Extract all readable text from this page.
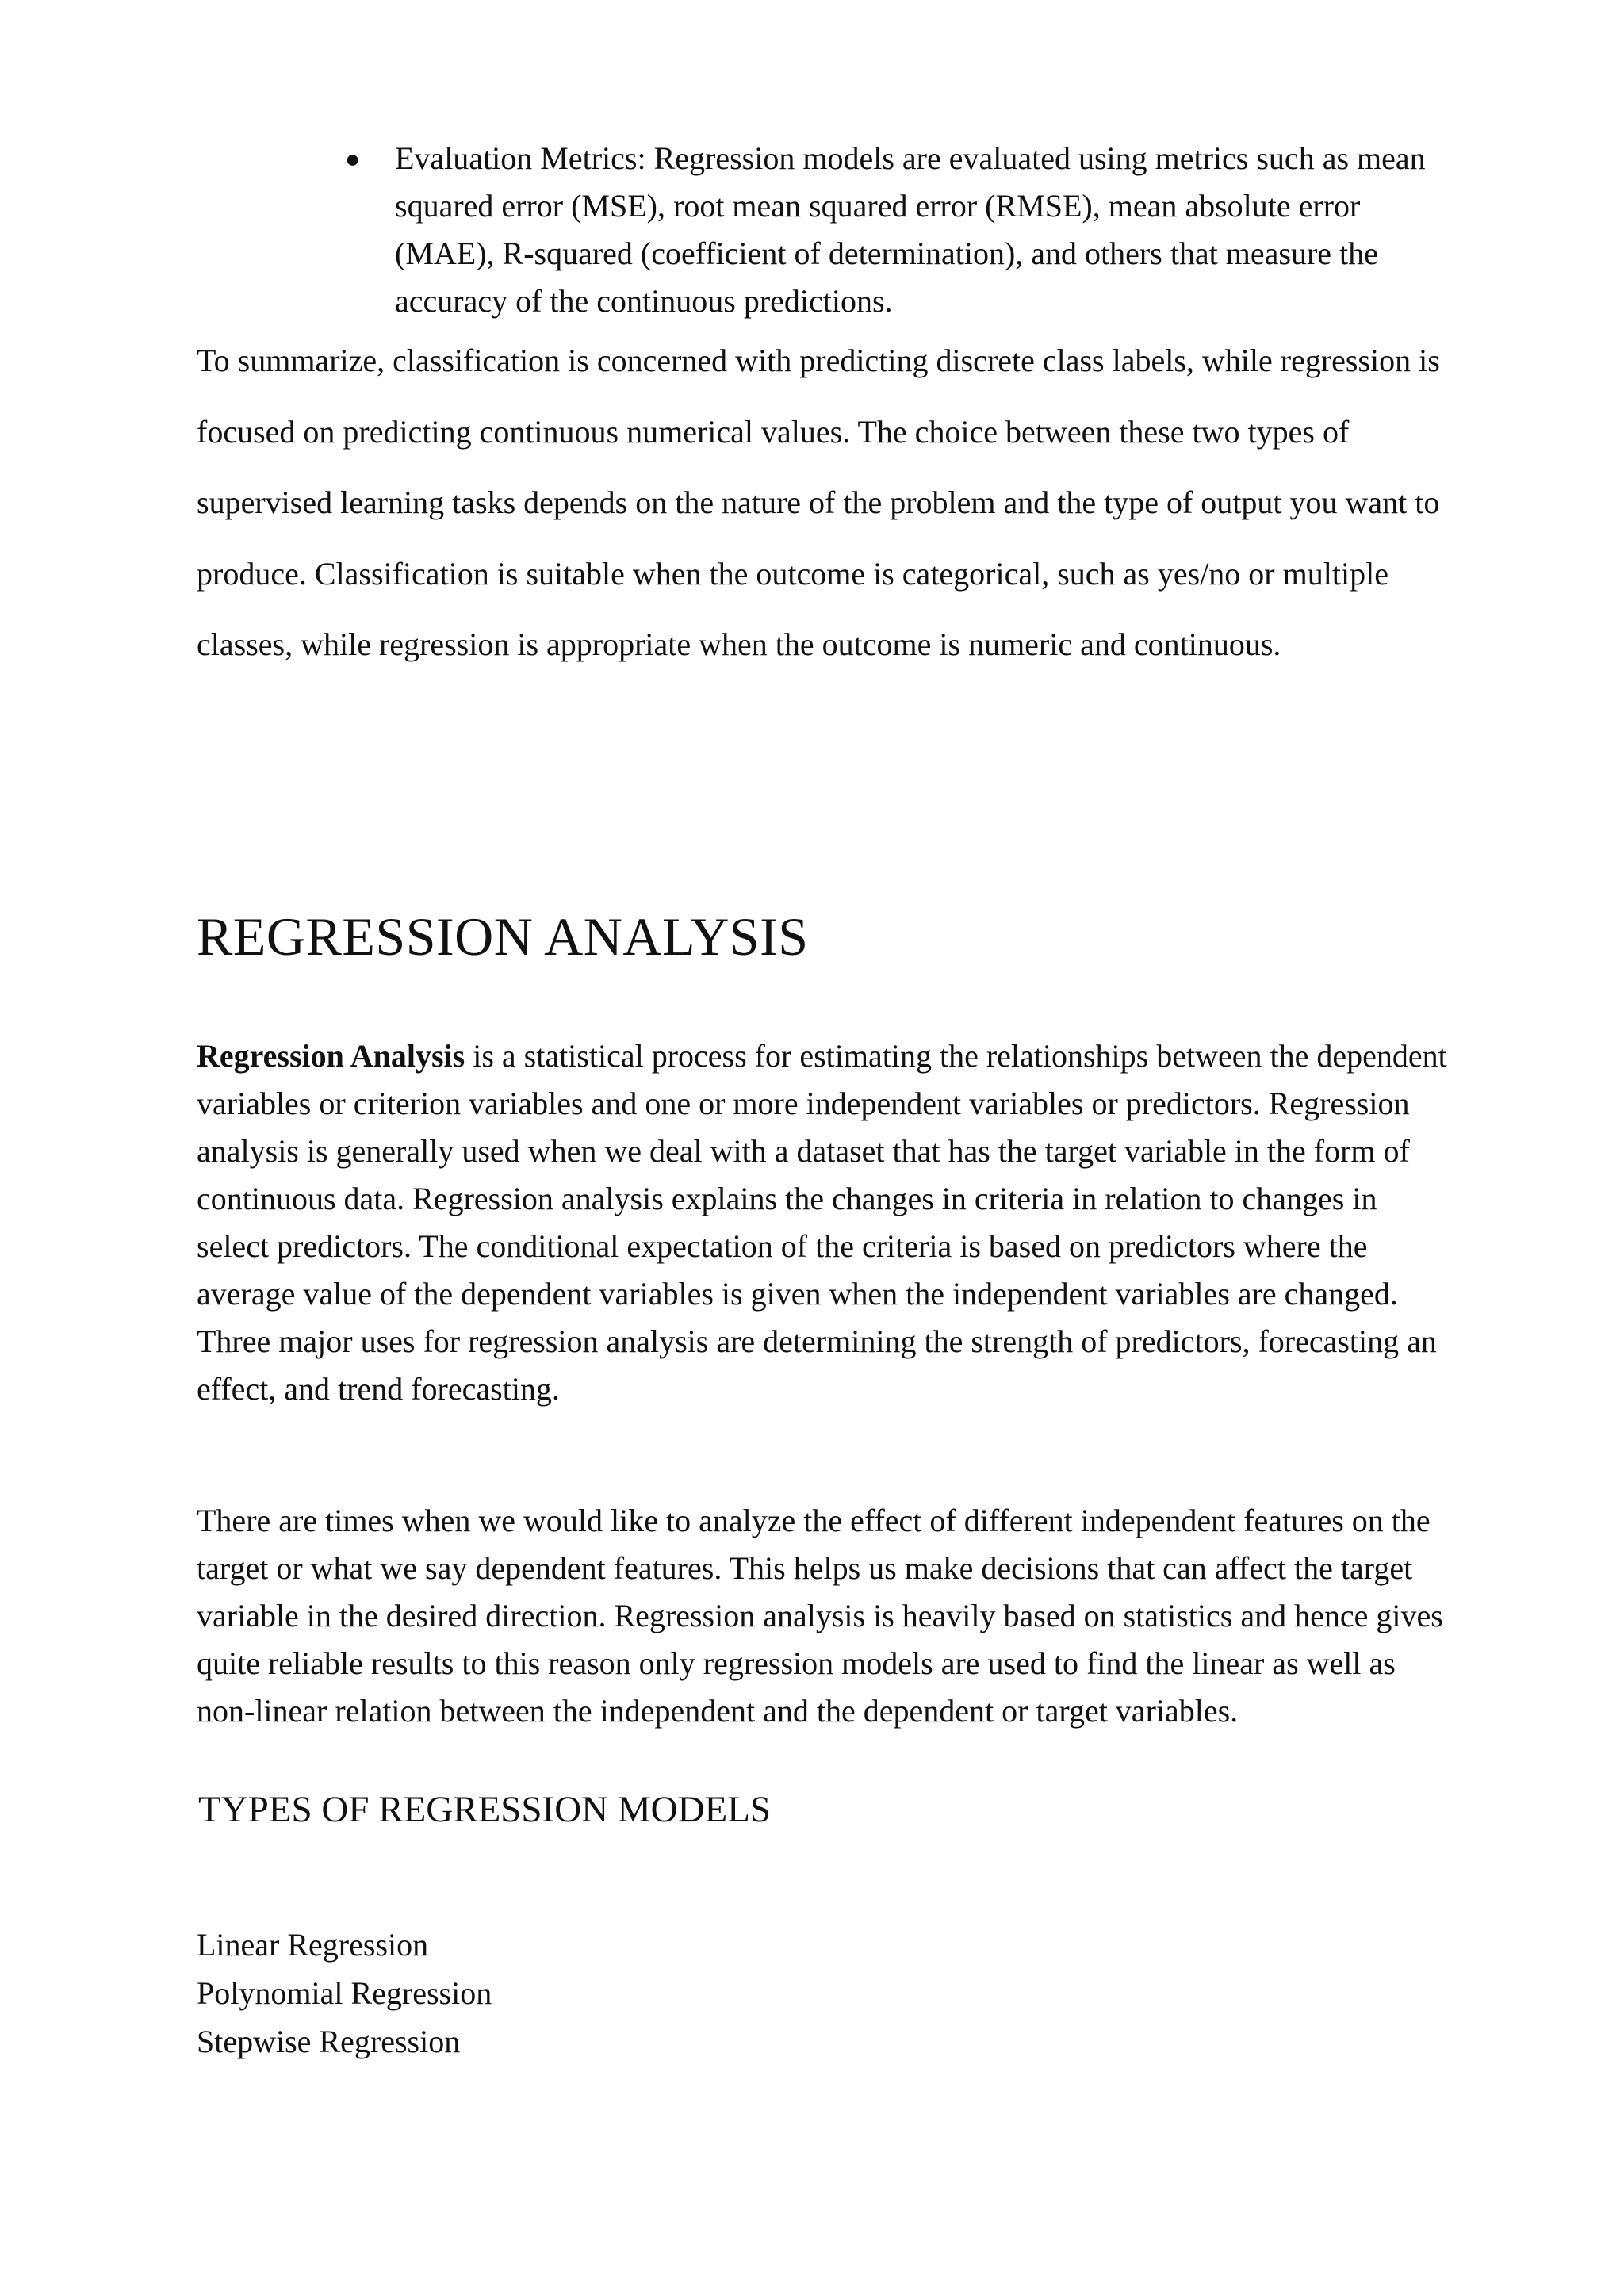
● Evaluation Metrics: Regression models are evaluated using metrics such as mean squared error (MSE), root mean squared error (RMSE), mean absolute error (MAE), R-squared (coefficient of determination), and others that measure the accuracy of the continuous predictions.

To summarize, classification is concerned with predicting discrete class labels, while regression is focused on predicting continuous numerical values. The choice between these two types of supervised learning tasks depends on the nature of the problem and the type of output you want to produce. Classification is suitable when the outcome is categorical, such as yes/no or multiple classes, while regression is appropriate when the outcome is numeric and continuous.

REGRESSION ANALYSIS

Regression Analysis is a statistical process for estimating the relationships between the dependent variables or criterion variables and one or more independent variables or predictors. Regression analysis is generally used when we deal with a dataset that has the target variable in the form of continuous data. Regression analysis explains the changes in criteria in relation to changes in select predictors. The conditional expectation of the criteria is based on predictors where the average value of the dependent variables is given when the independent variables are changed. Three major uses for regression analysis are determining the strength of predictors, forecasting an effect, and trend forecasting.

There are times when we would like to analyze the effect of different independent features on the target or what we say dependent features. This helps us make decisions that can affect the target variable in the desired direction. Regression analysis is heavily based on statistics and hence gives quite reliable results to this reason only regression models are used to find the linear as well as non-linear relation between the independent and the dependent or target variables.

TYPES OF REGRESSION MODELS
Linear Regression
Polynomial Regression
Stepwise Regression
